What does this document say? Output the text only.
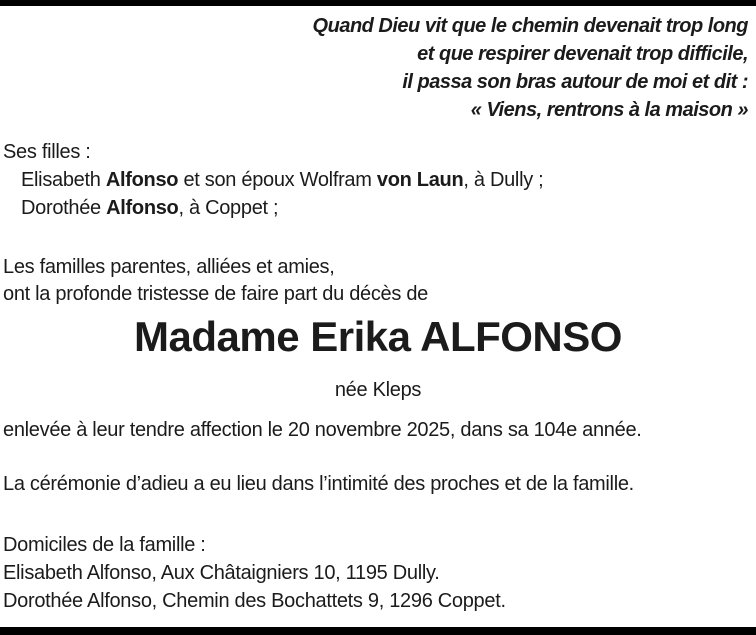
Quand Dieu vit que le chemin devenait trop long
et que respirer devenait trop difficile,
il passa son bras autour de moi et dit :
« Viens, rentrons à la maison »
Ses filles :
Elisabeth Alfonso et son époux Wolfram von Laun, à Dully ;
Dorothée Alfonso, à Coppet ;
Les familles parentes, alliées et amies,
ont la profonde tristesse de faire part du décès de
Madame Erika ALFONSO
née Kleps
enlevée à leur tendre affection le 20 novembre 2025, dans sa 104e année.
La cérémonie d’adieu a eu lieu dans l’intimité des proches et de la famille.
Domiciles de la famille :
Elisabeth Alfonso, Aux Châtaigniers 10, 1195 Dully.
Dorothée Alfonso, Chemin des Bochattets 9, 1296 Coppet.
